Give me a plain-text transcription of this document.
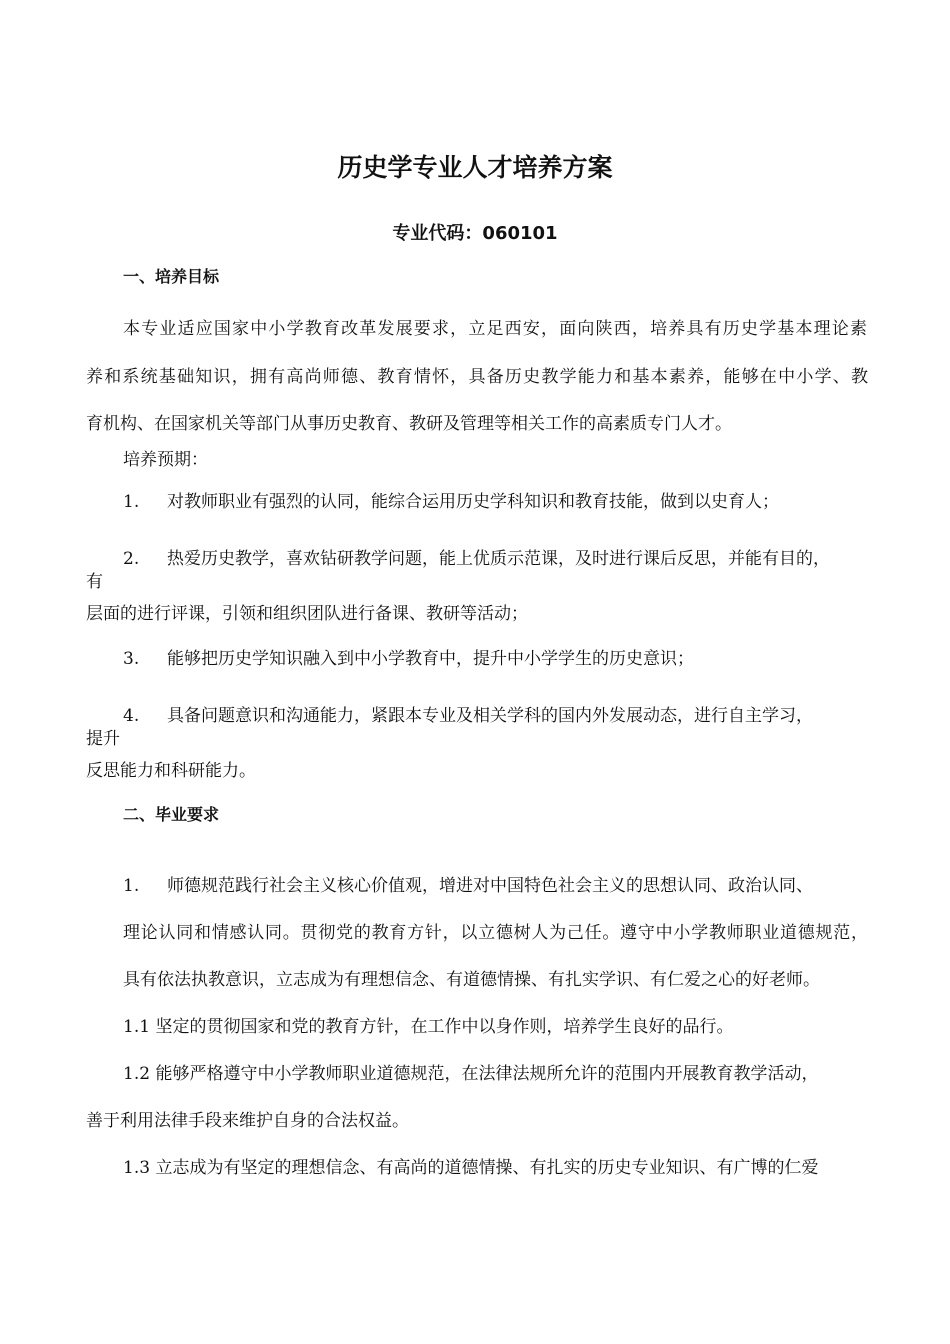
历史学专业人才培养方案
专业代码：060101
一、培养目标
本专业适应国家中小学教育改革发展要求，立足西安，面向陕西，培养具有历史学基本理论素
养和系统基础知识，拥有高尚师德、教育情怀，具备历史教学能力和基本素养，能够在中小学、教
育机构、在国家机关等部门从事历史教育、教研及管理等相关工作的高素质专门人才。
培养预期：
1. 对教师职业有强烈的认同，能综合运用历史学科知识和教育技能，做到以史育人；
2. 热爱历史教学，喜欢钻研教学问题，能上优质示范课，及时进行课后反思，并能有目的，
有
层面的进行评课，引领和组织团队进行备课、教研等活动；
3. 能够把历史学知识融入到中小学教育中，提升中小学学生的历史意识；
4. 具备问题意识和沟通能力，紧跟本专业及相关学科的国内外发展动态，进行自主学习，
提升
反思能力和科研能力。
二、毕业要求
1. 师德规范践行社会主义核心价值观，增进对中国特色社会主义的思想认同、政治认同、
理论认同和情感认同。贯彻党的教育方针，以立德树人为己任。遵守中小学教师职业道德规范，
具有依法执教意识，立志成为有理想信念、有道德情操、有扎实学识、有仁爱之心的好老师。
1.1 坚定的贯彻国家和党的教育方针，在工作中以身作则，培养学生良好的品行。
1.2 能够严格遵守中小学教师职业道德规范，在法律法规所允许的范围内开展教育教学活动，
善于利用法律手段来维护自身的合法权益。
1.3 立志成为有坚定的理想信念、有高尚的道德情操、有扎实的历史专业知识、有广博的仁爱
